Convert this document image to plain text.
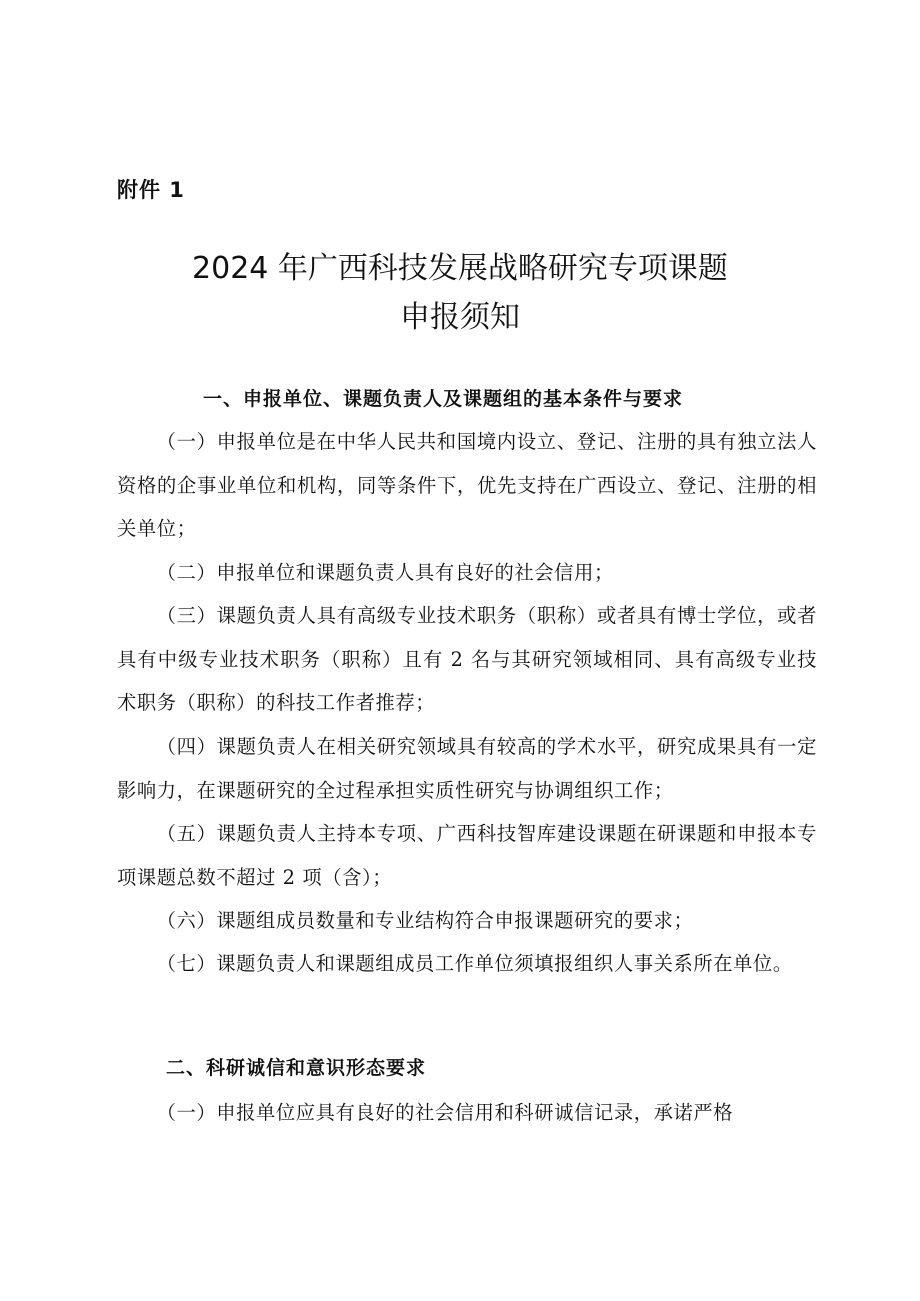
附件 1
2024 年广西科技发展战略研究专项课题
申报须知
一、申报单位、课题负责人及课题组的基本条件与要求
（一）申报单位是在中华人民共和国境内设立、登记、注册的具有独立法人资格的企事业单位和机构，同等条件下，优先支持在广西设立、登记、注册的相关单位；
（二）申报单位和课题负责人具有良好的社会信用；
（三）课题负责人具有高级专业技术职务（职称）或者具有博士学位，或者具有中级专业技术职务（职称）且有 2 名与其研究领域相同、具有高级专业技术职务（职称）的科技工作者推荐；
（四）课题负责人在相关研究领域具有较高的学术水平，研究成果具有一定影响力，在课题研究的全过程承担实质性研究与协调组织工作；
（五）课题负责人主持本专项、广西科技智库建设课题在研课题和申报本专项课题总数不超过 2 项（含）；
（六）课题组成员数量和专业结构符合申报课题研究的要求；
（七）课题负责人和课题组成员工作单位须填报组织人事关系所在单位。
二、科研诚信和意识形态要求
（一）申报单位应具有良好的社会信用和科研诚信记录，承诺严格
